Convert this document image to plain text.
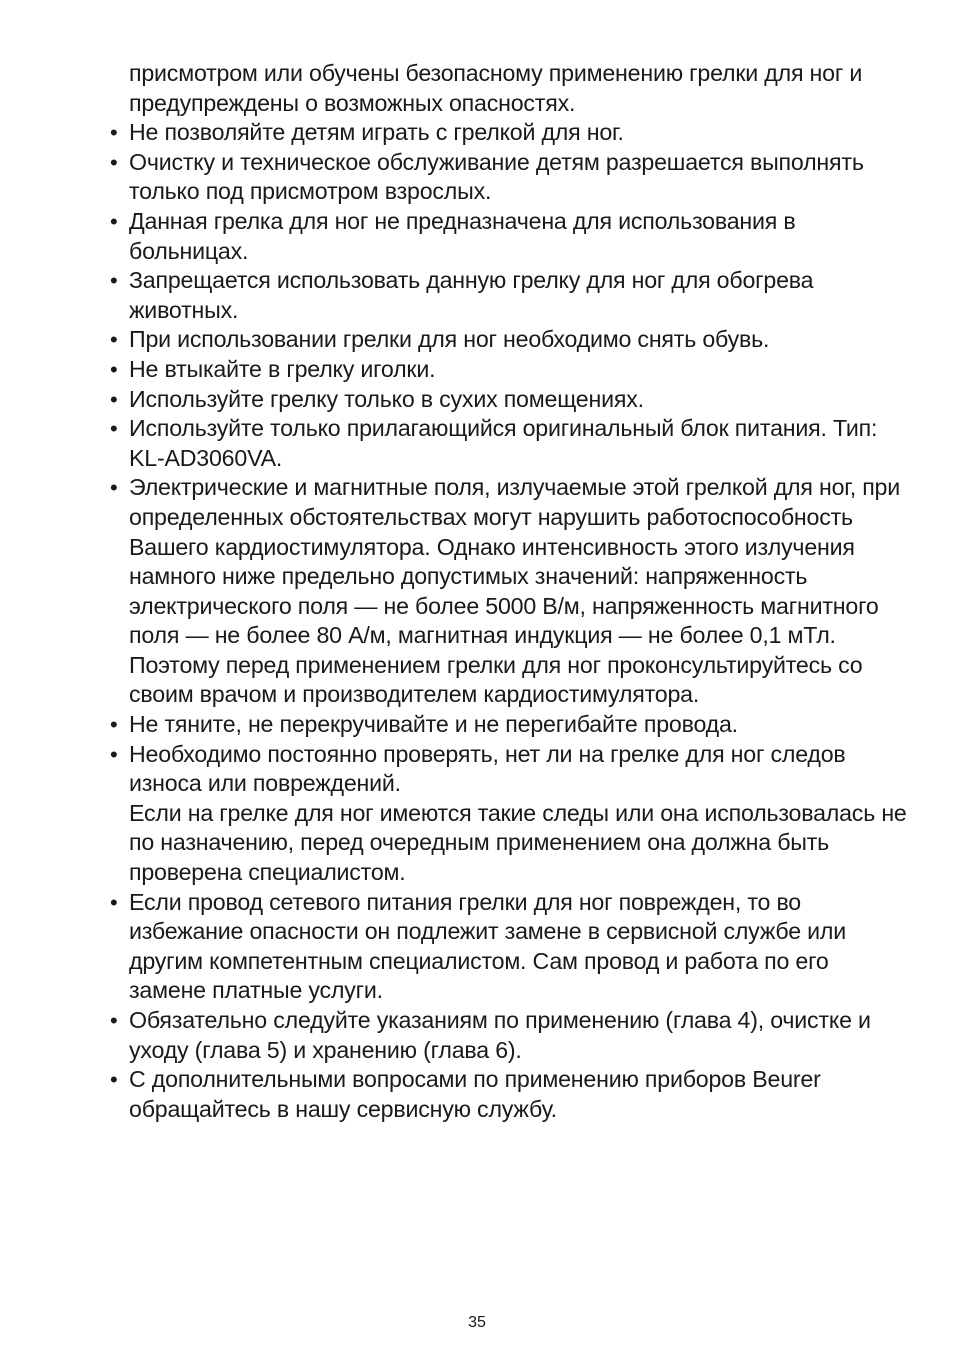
присмотром или обучены безопасному применению грелки для ног и предупреждены о возможных опасностях.

• Не позволяйте детям играть с грелкой для ног.
• Очистку и техническое обслуживание детям разрешается выполнять только под присмотром взрослых.
• Данная грелка для ног не предназначена для использования в больницах.
• Запрещается использовать данную грелку для ног для обогрева животных.
• При использовании грелки для ног необходимо снять обувь.
• Не втыкайте в грелку иголки.
• Используйте грелку только в сухих помещениях.
• Используйте только прилагающийся оригинальный блок питания. Тип: KL-AD3060VA.
• Электрические и магнитные поля, излучаемые этой грелкой для ног, при определенных обстоятельствах могут нарушить работоспособность Вашего кардиостимулятора. Однако интенсивность этого излучения намного ниже предельно допустимых значений: напряженность электрического поля — не более 5000 В/м, напряженность магнитного поля — не более 80 А/м, магнитная индукция — не более 0,1 мТл.
Поэтому перед применением грелки для ног проконсультируйтесь со своим врачом и производителем кардиостимулятора.
• Не тяните, не перекручивайте и не перегибайте провода.
• Необходимо постоянно проверять, нет ли на грелке для ног следов износа или повреждений.
Если на грелке для ног имеются такие следы или она использовалась не по назначению, перед очередным применением она должна быть проверена специалистом.
• Если провод сетевого питания грелки для ног поврежден, то во избежание опасности он подлежит замене в сервисной службе или другим компетентным специалистом. Сам провод и работа по его замене платные услуги.
• Обязательно следуйте указаниям по применению (глава 4), очистке и уходу (глава 5) и хранению (глава 6).
• С дополнительными вопросами по применению приборов Beurer обращайтесь в нашу сервисную службу.
35
